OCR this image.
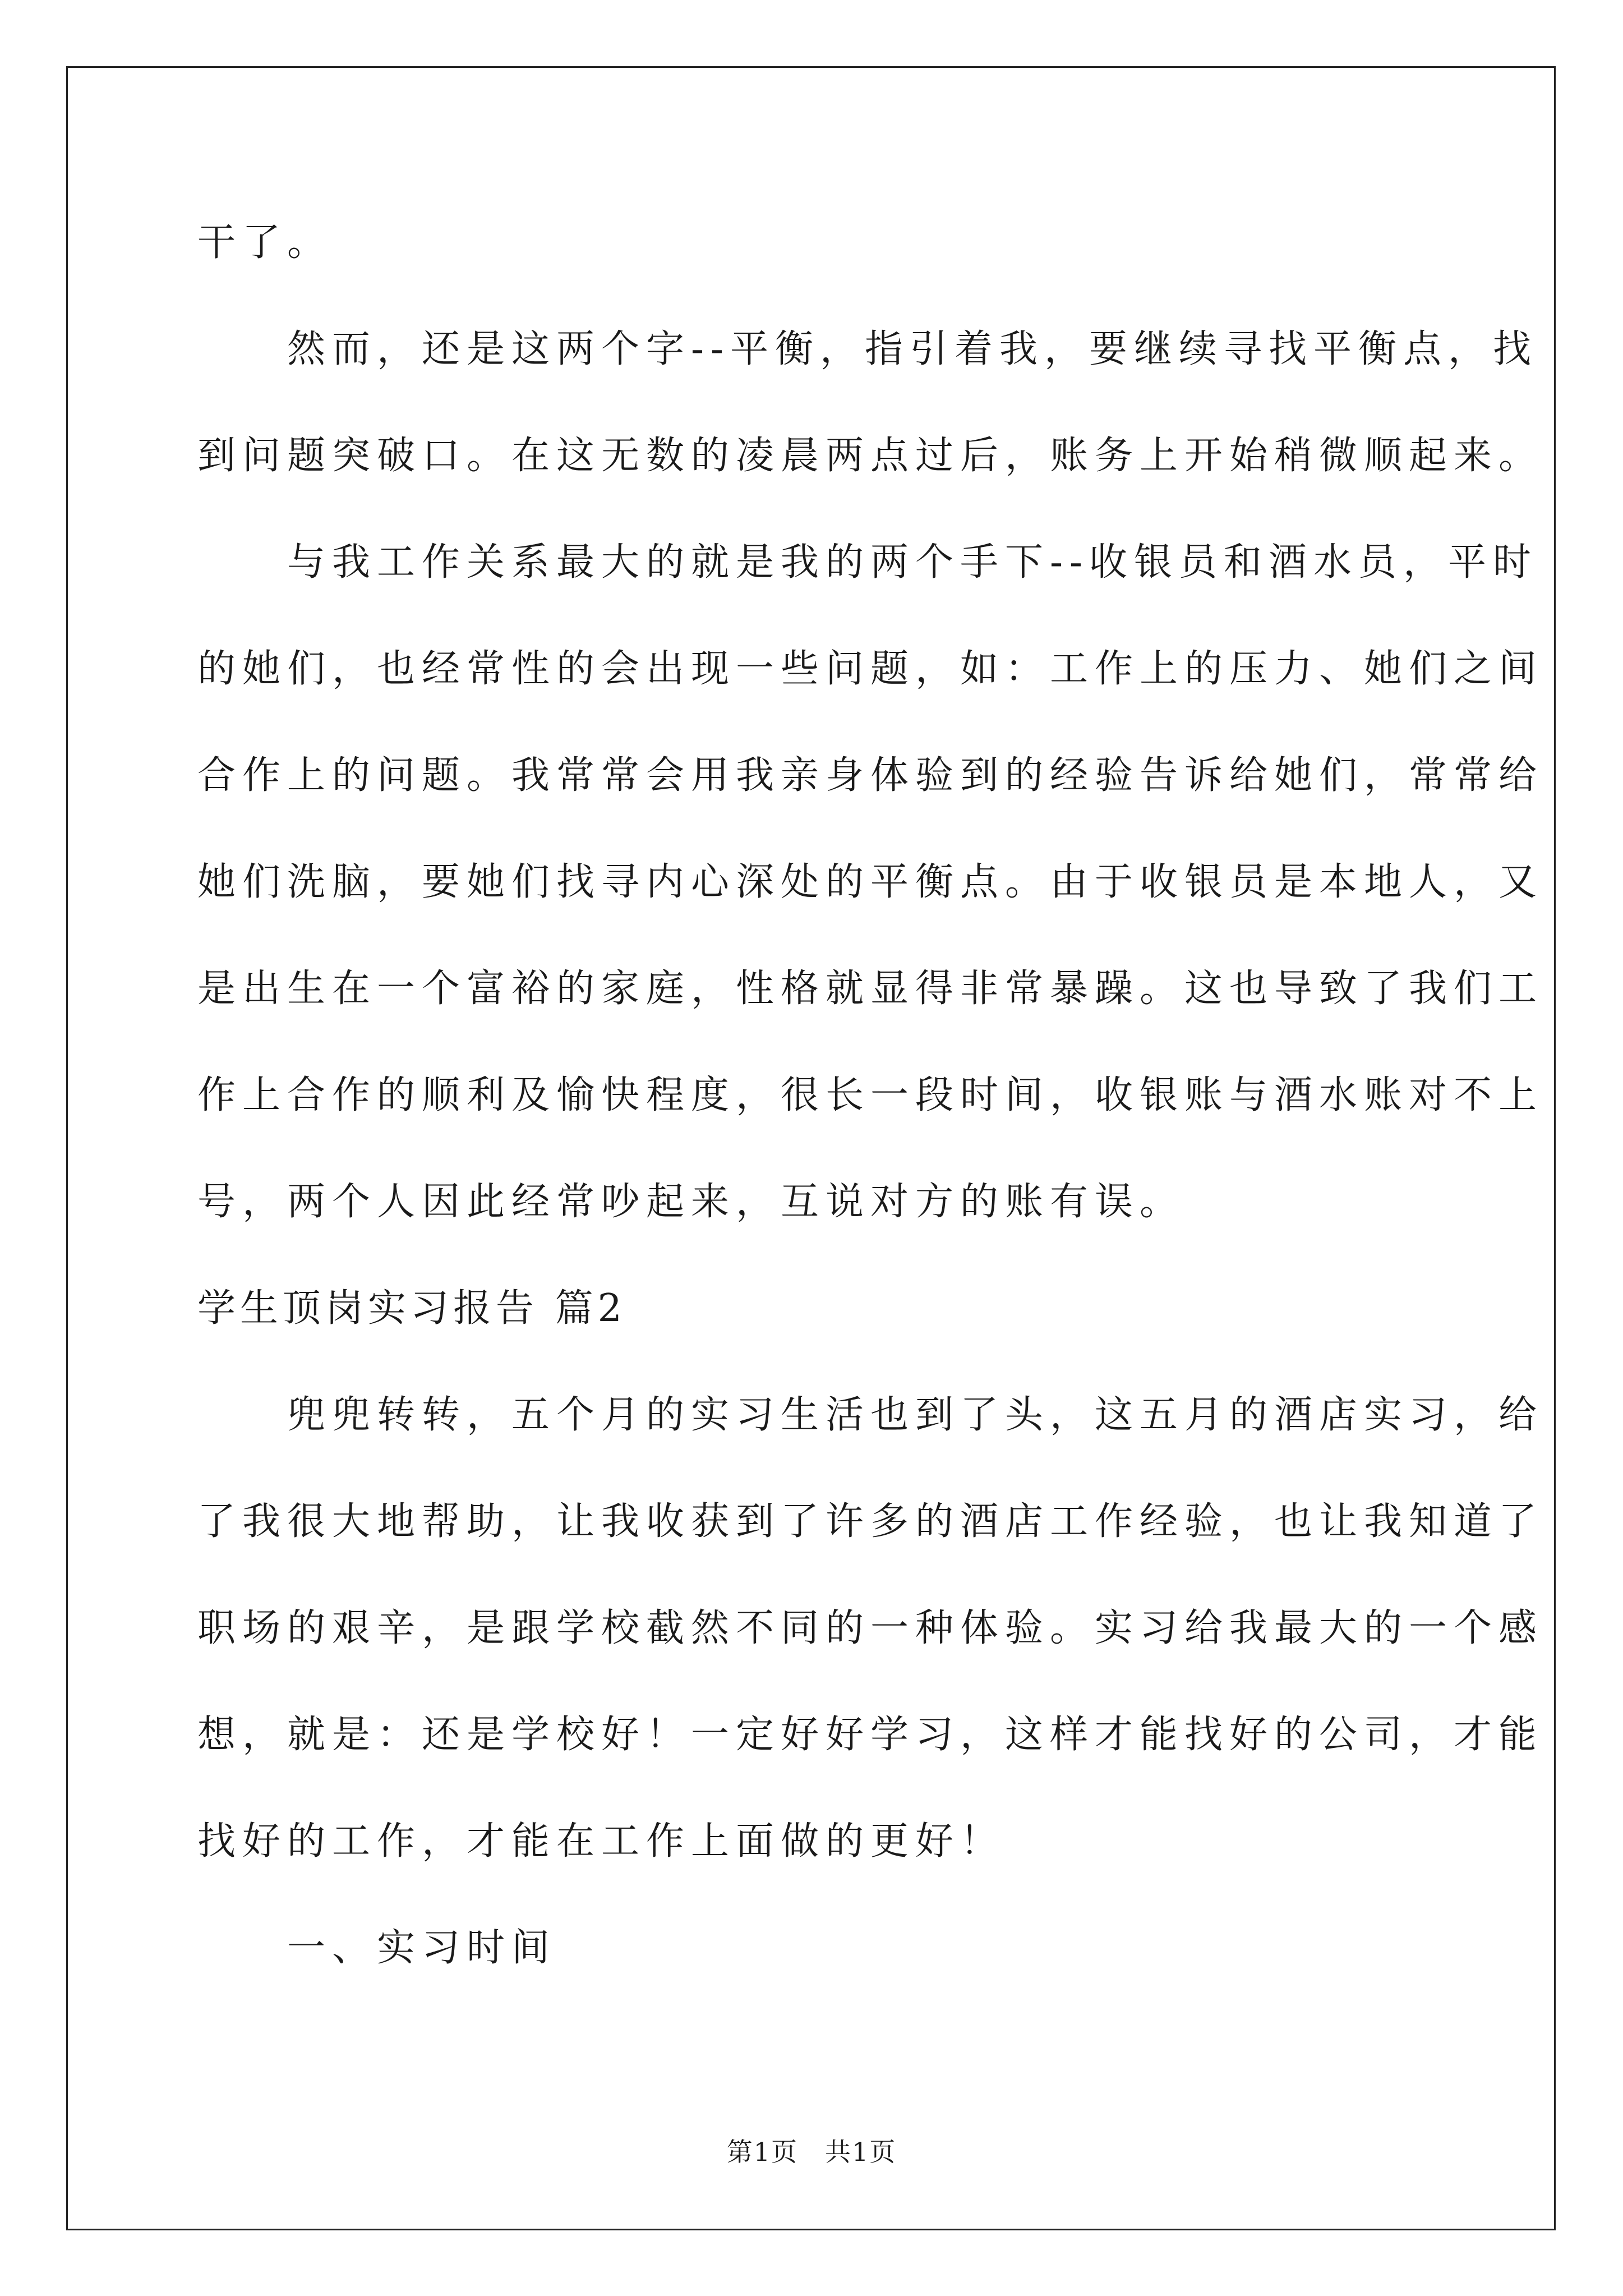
干了。
　　然而，还是这两个字--平衡，指引着我，要继续寻找平衡点，找
到问题突破口。在这无数的凌晨两点过后，账务上开始稍微顺起来。
　　与我工作关系最大的就是我的两个手下--收银员和酒水员，平时
的她们，也经常性的会出现一些问题，如：工作上的压力、她们之间
合作上的问题。我常常会用我亲身体验到的经验告诉给她们，常常给
她们洗脑，要她们找寻内心深处的平衡点。由于收银员是本地人，又
是出生在一个富裕的家庭，性格就显得非常暴躁。这也导致了我们工
作上合作的顺利及愉快程度，很长一段时间，收银账与酒水账对不上
号，两个人因此经常吵起来，互说对方的账有误。
学生顶岗实习报告 篇2
　　兜兜转转，五个月的实习生活也到了头，这五月的酒店实习，给
了我很大地帮助，让我收获到了许多的酒店工作经验，也让我知道了
职场的艰辛，是跟学校截然不同的一种体验。实习给我最大的一个感
想，就是：还是学校好！一定好好学习，这样才能找好的公司，才能
找好的工作，才能在工作上面做的更好！
　　一、实习时间
第1页　共1页
